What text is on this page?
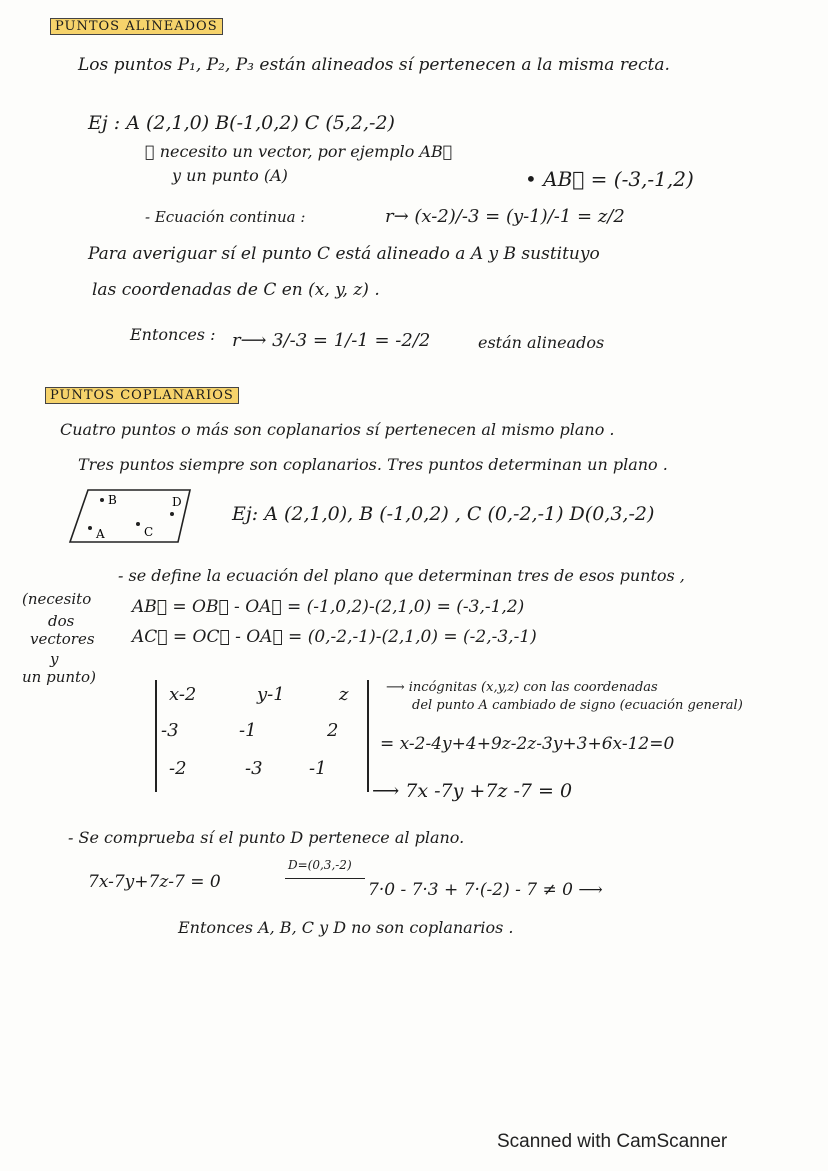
PUNTOS ALINEADOS
Los puntos P₁, P₂, P₃ están alineados sí pertenecen a la misma recta.
Ej : A (2,1,0) B(-1,0,2) C (5,2,-2)
✱ necesito un vector, por ejemplo AB⃗
y un punto (A)	• AB⃗ = (-3,-1,2)
- Ecuación continua :	r→ (x-2)/-3 = (y-1)/-1 = z/2
Para averiguar sí el punto C está alineado a A y B sustituyo
las coordenadas de C en (x, y, z) .
Entonces : r⟶ 3/-3 = 1/-1 = -2/2	están alineados
PUNTOS COPLANARIOS
Cuatro puntos o más son coplanarios sí pertenecen al mismo plano .
Tres puntos siempre son coplanarios. Tres puntos determinan un plano .
B
A	C
D
Ej: A (2,1,0), B (-1,0,2) , C (0,-2,-1) D(0,3,-2)
- se define la ecuación del plano que determinan tres de esos puntos ,
(necesito
dos
vectores
y
un punto)
AB⃗ = OB⃗ - OA⃗ = (-1,0,2)-(2,1,0) = (-3,-1,2)
AC⃗ = OC⃗ - OA⃗ = (0,-2,-1)-(2,1,0) = (-2,-3,-1)
x-2	y-1	z
-3	-1	2
-2	-3	-1
⟶ incógnitas (x,y,z) con las coordenadas
del punto A cambiado de signo (ecuación general)
= x-2-4y+4+9z-2z-3y+3+6x-12=0
⟶ 7x -7y +7z -7 = 0
- Se comprueba sí el punto D pertenece al plano.
7x-7y+7z-7 = 0
D=(0,3,-2)
7·0 - 7·3 + 7·(-2) - 7 ≠ 0 ⟶
Entonces A, B, C y D no son coplanarios .
Scanned with CamScanner
